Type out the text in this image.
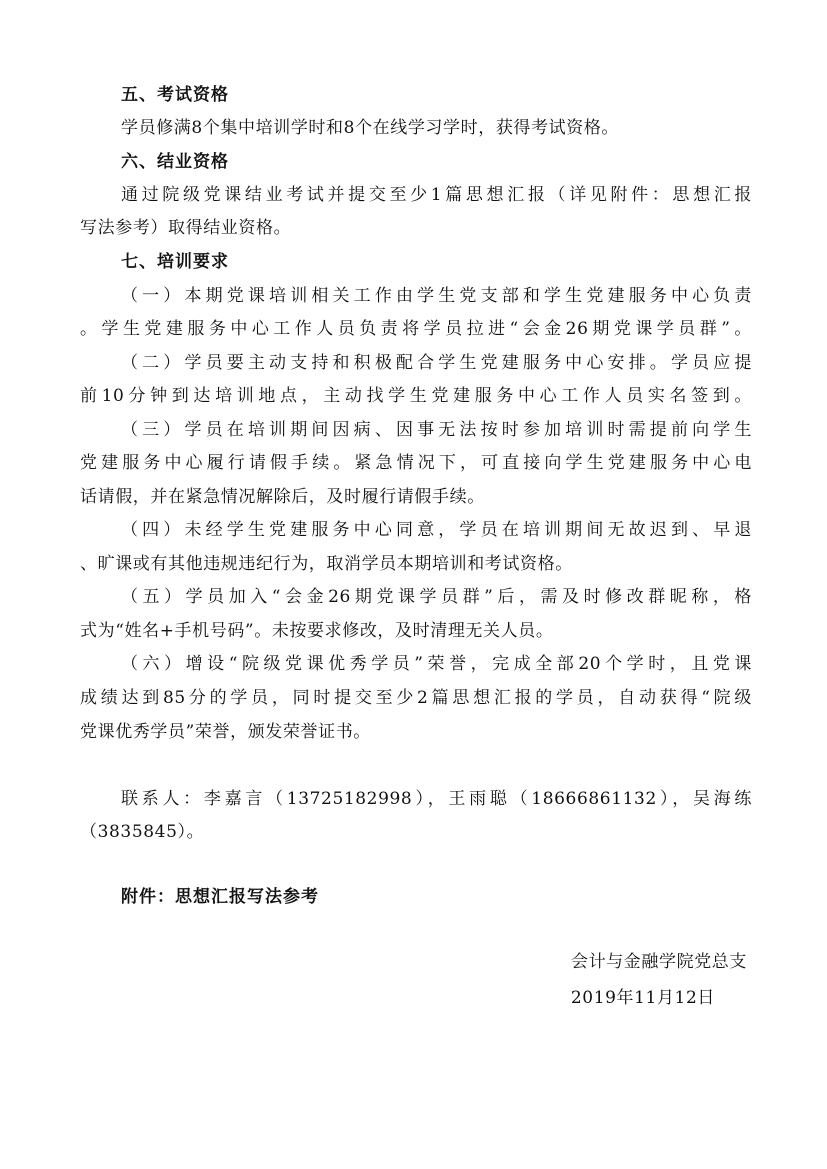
五、考试资格
学员修满8个集中培训学时和8个在线学习学时，获得考试资格。
六、结业资格
通过院级党课结业考试并提交至少1篇思想汇报（详见附件：思想汇报
写法参考）取得结业资格。
七、培训要求
（一）本期党课培训相关工作由学生党支部和学生党建服务中心负责
。学生党建服务中心工作人员负责将学员拉进“会金26期党课学员群”。
（二）学员要主动支持和积极配合学生党建服务中心安排。学员应提
前10分钟到达培训地点，主动找学生党建服务中心工作人员实名签到。
（三）学员在培训期间因病、因事无法按时参加培训时需提前向学生
党建服务中心履行请假手续。紧急情况下，可直接向学生党建服务中心电
话请假，并在紧急情况解除后，及时履行请假手续。
（四）未经学生党建服务中心同意，学员在培训期间无故迟到、早退
、旷课或有其他违规违纪行为，取消学员本期培训和考试资格。
（五）学员加入“会金26期党课学员群”后，需及时修改群昵称，格
式为“姓名+手机号码”。未按要求修改，及时清理无关人员。
（六）增设“院级党课优秀学员”荣誉，完成全部20个学时，且党课
成绩达到85分的学员，同时提交至少2篇思想汇报的学员，自动获得“院级
党课优秀学员”荣誉，颁发荣誉证书。
联系人：李嘉言（13725182998），王雨聪（18666861132），吴海练
（3835845）。
附件：思想汇报写法参考
会计与金融学院党总支
2019年11月12日
